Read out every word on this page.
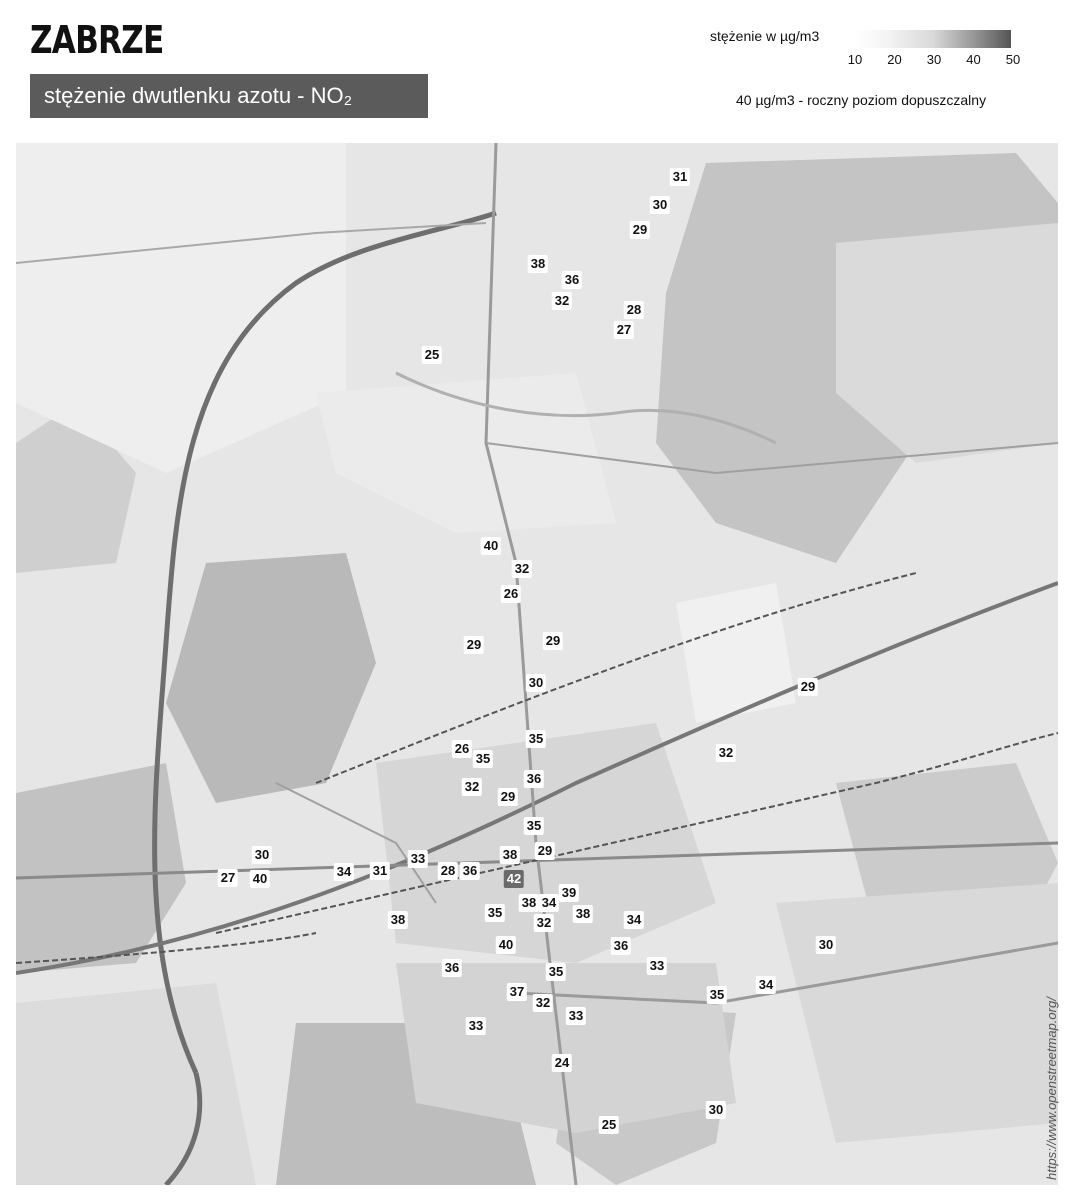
ZABRZE
stężenie dwutlenku azotu - NO₂
stężenie w µg/m3
10	20	30	40	50
40 µg/m3 - roczny poziom dopuszczalny
31
30
29
38
36
32
28
27
25
40
32
26
29	29
30	29
35
26
35
36
32
32
29
35
29
38
30
27 40	34 31
33
28 36
42
39
38 34
38
35
32
38	34
36
40
36	33
35
30
37
32
33
34
35
33
24
30
25	https://www.openstreetmap.org/
